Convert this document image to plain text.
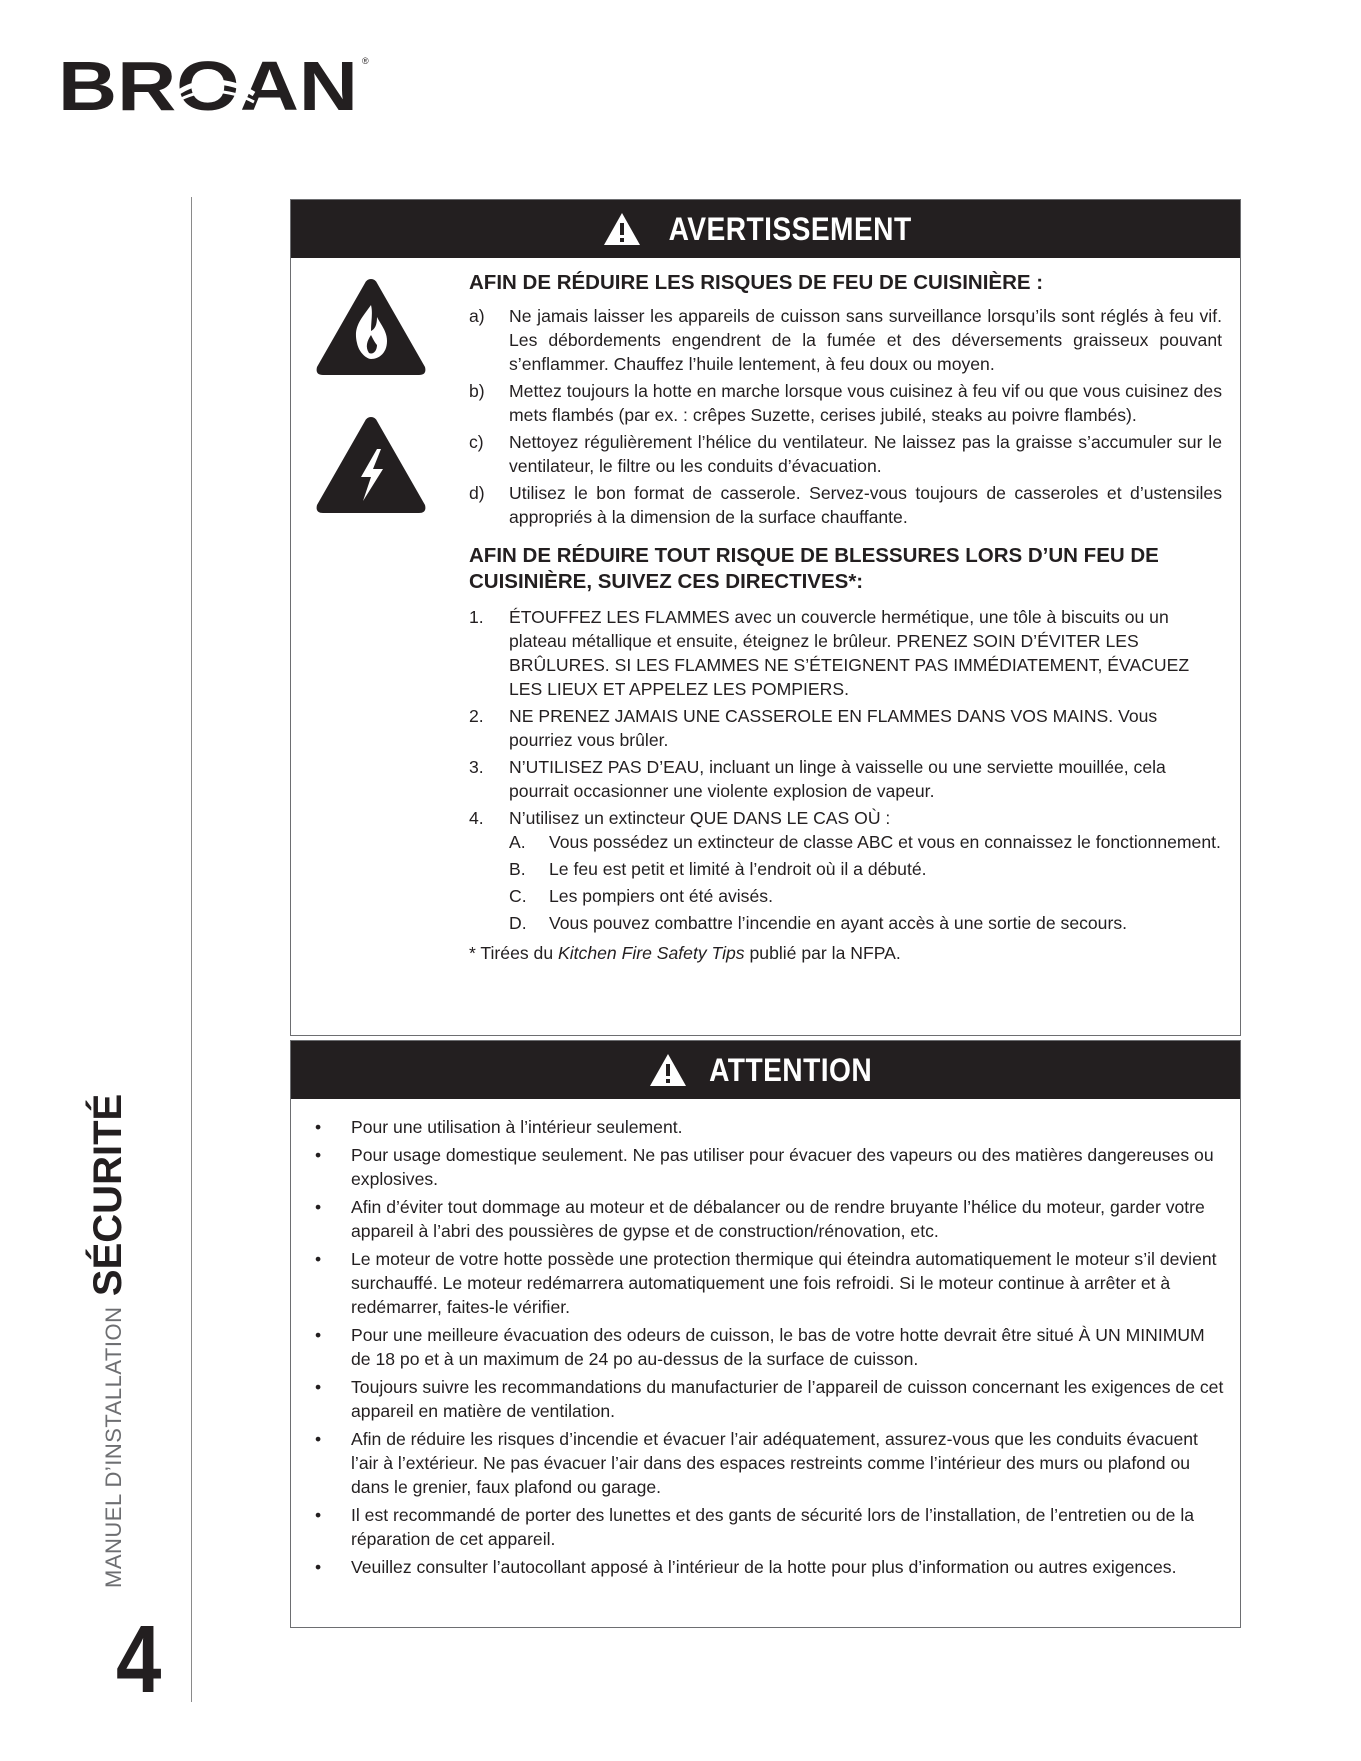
BROAN ®
MANUEL D’INSTALLATION SÉCURITÉ
4
AVERTISSEMENT
AFIN DE RÉDUIRE LES RISQUES DE FEU DE CUISINIÈRE :
a)	Ne jamais laisser les appareils de cuisson sans surveillance lorsqu’ils sont réglés à feu vif. Les débordements engendrent de la fumée et des déversements graisseux pouvant s’enflammer. Chauffez l’huile lentement, à feu doux ou moyen.
b)	Mettez toujours la hotte en marche lorsque vous cuisinez à feu vif ou que vous cuisinez des mets flambés (par ex. : crêpes Suzette, cerises jubilé, steaks au poivre flambés).
c)	Nettoyez régulièrement l’hélice du ventilateur. Ne laissez pas la graisse s’accumuler sur le ventilateur, le filtre ou les conduits d’évacuation.
d)	Utilisez le bon format de casserole. Servez-vous toujours de casseroles et d’ustensiles appropriés à la dimension de la surface chauffante.
AFIN DE RÉDUIRE TOUT RISQUE DE BLESSURES LORS D’UN FEU DE CUISINIÈRE, SUIVEZ CES DIRECTIVES*:
1.	ÉTOUFFEZ LES FLAMMES avec un couvercle hermétique, une tôle à biscuits ou un plateau métallique et ensuite, éteignez le brûleur. PRENEZ SOIN D’ÉVITER LES BRÛLURES. SI LES FLAMMES NE S’ÉTEIGNENT PAS IMMÉDIATEMENT, ÉVACUEZ LES LIEUX ET APPELEZ LES POMPIERS.
2.	NE PRENEZ JAMAIS UNE CASSEROLE EN FLAMMES DANS VOS MAINS. Vous pourriez vous brûler.
3.	N’UTILISEZ PAS D’EAU, incluant un linge à vaisselle ou une serviette mouillée, cela pourrait occasionner une violente explosion de vapeur.
4.	N’utilisez un extincteur QUE DANS LE CAS OÙ :
A.	Vous possédez un extincteur de classe ABC et vous en connaissez le fonctionnement.
B.	Le feu est petit et limité à l’endroit où il a débuté.
C.	Les pompiers ont été avisés.
D.	Vous pouvez combattre l’incendie en ayant accès à une sortie de secours.
* Tirées du Kitchen Fire Safety Tips publié par la NFPA.
ATTENTION
•	Pour une utilisation à l’intérieur seulement.
•	Pour usage domestique seulement. Ne pas utiliser pour évacuer des vapeurs ou des matières dangereuses ou explosives.
•	Afin d’éviter tout dommage au moteur et de débalancer ou de rendre bruyante l’hélice du moteur, garder votre appareil à l’abri des poussières de gypse et de construction/rénovation, etc.
•	Le moteur de votre hotte possède une protection thermique qui éteindra automatiquement le moteur s’il devient surchauffé. Le moteur redémarrera automatiquement une fois refroidi. Si le moteur continue à arrêter et à redémarrer, faites-le vérifier.
•	Pour une meilleure évacuation des odeurs de cuisson, le bas de votre hotte devrait être situé À UN MINIMUM de 18 po et à un maximum de 24 po au-dessus de la surface de cuisson.
•	Toujours suivre les recommandations du manufacturier de l’appareil de cuisson concernant les exigences de cet appareil en matière de ventilation.
•	Afin de réduire les risques d’incendie et évacuer l’air adéquatement, assurez-vous que les conduits évacuent l’air à l’extérieur. Ne pas évacuer l’air dans des espaces restreints comme l’intérieur des murs ou plafond ou dans le grenier, faux plafond ou garage.
•	Il est recommandé de porter des lunettes et des gants de sécurité lors de l’installation, de l’entretien ou de la réparation de cet appareil.
•	Veuillez consulter l’autocollant apposé à l’intérieur de la hotte pour plus d’information ou autres exigences.
